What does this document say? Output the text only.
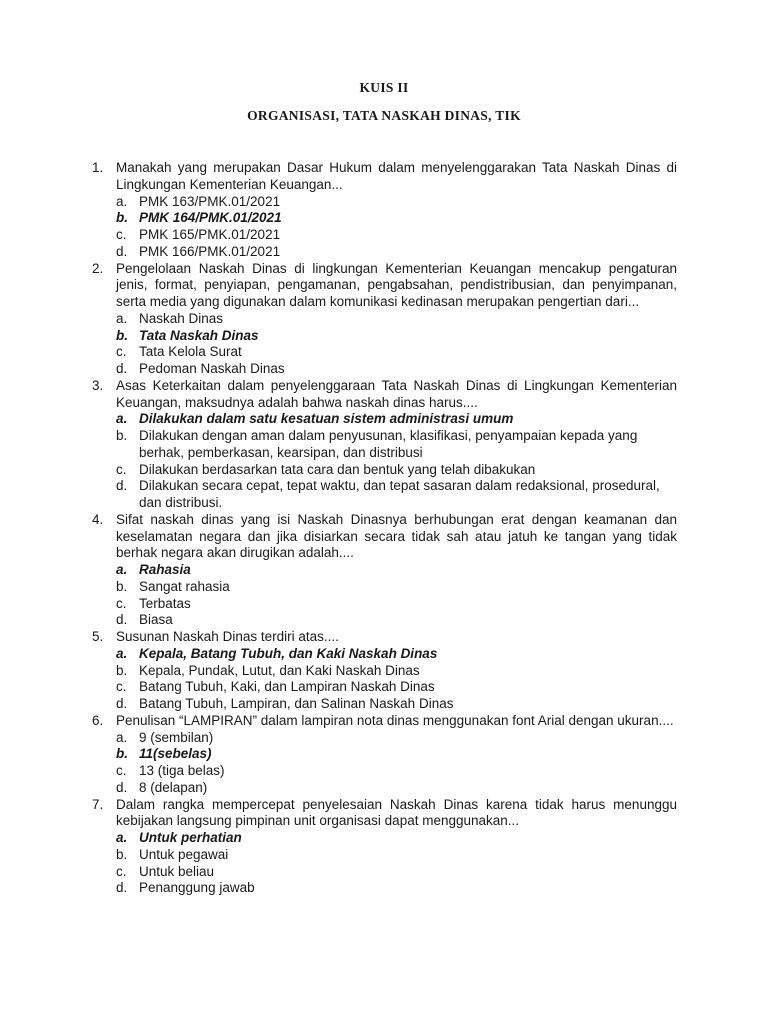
KUIS II
ORGANISASI, TATA NASKAH DINAS, TIK
1. Manakah yang merupakan Dasar Hukum dalam menyelenggarakan Tata Naskah Dinas di Lingkungan Kementerian Keuangan...
a. PMK 163/PMK.01/2021
b. PMK 164/PMK.01/2021
c. PMK 165/PMK.01/2021
d. PMK 166/PMK.01/2021
2. Pengelolaan Naskah Dinas di lingkungan Kementerian Keuangan mencakup pengaturan jenis, format, penyiapan, pengamanan, pengabsahan, pendistribusian, dan penyimpanan, serta media yang digunakan dalam komunikasi kedinasan merupakan pengertian dari...
a. Naskah Dinas
b. Tata Naskah Dinas
c. Tata Kelola Surat
d. Pedoman Naskah Dinas
3. Asas Keterkaitan dalam penyelenggaraan Tata Naskah Dinas di Lingkungan Kementerian Keuangan, maksudnya adalah bahwa naskah dinas harus....
a. Dilakukan dalam satu kesatuan sistem administrasi umum
b. Dilakukan dengan aman dalam penyusunan, klasifikasi, penyampaian kepada yang berhak, pemberkasan, kearsipan, dan distribusi
c. Dilakukan berdasarkan tata cara dan bentuk yang telah dibakukan
d. Dilakukan secara cepat, tepat waktu, dan tepat sasaran dalam redaksional, prosedural, dan distribusi.
4. Sifat naskah dinas yang isi Naskah Dinasnya berhubungan erat dengan keamanan dan keselamatan negara dan jika disiarkan secara tidak sah atau jatuh ke tangan yang tidak berhak negara akan dirugikan adalah....
a. Rahasia
b. Sangat rahasia
c. Terbatas
d. Biasa
5. Susunan Naskah Dinas terdiri atas....
a. Kepala, Batang Tubuh, dan Kaki Naskah Dinas
b. Kepala, Pundak, Lutut, dan Kaki Naskah Dinas
c. Batang Tubuh, Kaki, dan Lampiran Naskah Dinas
d. Batang Tubuh, Lampiran, dan Salinan Naskah Dinas
6. Penulisan “LAMPIRAN” dalam lampiran nota dinas menggunakan font Arial dengan ukuran....
a. 9 (sembilan)
b. 11(sebelas)
c. 13 (tiga belas)
d. 8 (delapan)
7. Dalam rangka mempercepat penyelesaian Naskah Dinas karena tidak harus menunggu kebijakan langsung pimpinan unit organisasi dapat menggunakan...
a. Untuk perhatian
b. Untuk pegawai
c. Untuk beliau
d. Penanggung jawab
